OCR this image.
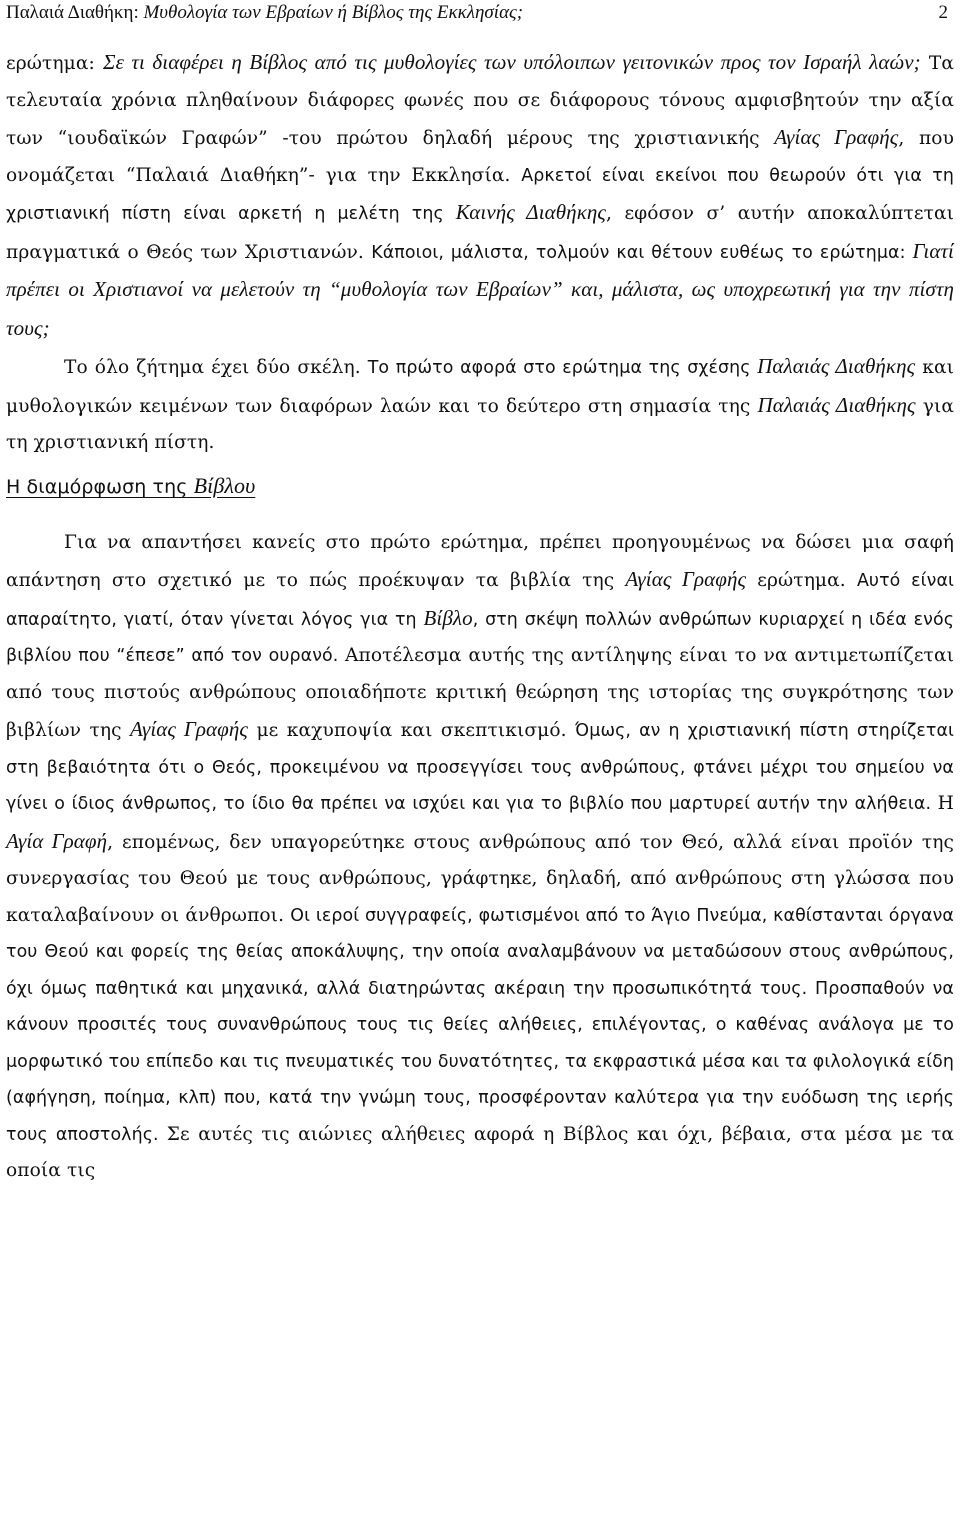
Παλαιά Διαθήκη: Μυθολογία των Εβραίων ή Βίβλος της Εκκλησίας;	2

ερώτημα: Σε τι διαφέρει η Βίβλος από τις μυθολογίες των υπόλοιπων γειτονικών προς τον Ισραήλ λαών; Τα τελευταία χρόνια πληθαίνουν διάφορες φωνές που σε διάφορους τόνους αμφισβητούν την αξία των “ιουδαϊκών Γραφών” -του πρώτου δηλαδή μέρους της χριστιανικής Αγίας Γραφής, που ονομάζεται “Παλαιά Διαθήκη”- για την Εκκλησία. Αρκετοί είναι εκείνοι που θεωρούν ότι για τη χριστιανική πίστη είναι αρκετή η μελέτη της Καινής Διαθήκης, εφόσον σ’ αυτήν αποκαλύπτεται πραγματικά ο Θεός των Χριστιανών. Κάποιοι, μάλιστα, τολμούν και θέτουν ευθέως το ερώτημα: Γιατί πρέπει οι Χριστιανοί να μελετούν τη “μυθολογία των Εβραίων” και, μάλιστα, ως υποχρεωτική για την πίστη τους;

Το όλο ζήτημα έχει δύο σκέλη. Το πρώτο αφορά στο ερώτημα της σχέσης Παλαιάς Διαθήκης και μυθολογικών κειμένων των διαφόρων λαών και το δεύτερο στη σημασία της Παλαιάς Διαθήκης για τη χριστιανική πίστη.

Η διαμόρφωση της Βίβλου

Για να απαντήσει κανείς στο πρώτο ερώτημα, πρέπει προηγουμένως να δώσει μια σαφή απάντηση στο σχετικό με το πώς προέκυψαν τα βιβλία της Αγίας Γραφής ερώτημα. Αυτό είναι απαραίτητο, γιατί, όταν γίνεται λόγος για τη Βίβλο, στη σκέψη πολλών ανθρώπων κυριαρχεί η ιδέα ενός βιβλίου που “έπεσε” από τον ουρανό. Αποτέλεσμα αυτής της αντίληψης είναι το να αντιμετωπίζεται από τους πιστούς ανθρώπους οποιαδήποτε κριτική θεώρηση της ιστορίας της συγκρότησης των βιβλίων της Αγίας Γραφής με καχυποψία και σκεπτικισμό. Όμως, αν η χριστιανική πίστη στηρίζεται στη βεβαιότητα ότι ο Θεός, προκειμένου να προσεγγίσει τους ανθρώπους, φτάνει μέχρι του σημείου να γίνει ο ίδιος άνθρωπος, το ίδιο θα πρέπει να ισχύει και για το βιβλίο που μαρτυρεί αυτήν την αλήθεια. Η Αγία Γραφή, επομένως, δεν υπαγορεύτηκε στους ανθρώπους από τον Θεό, αλλά είναι προϊόν της συνεργασίας του Θεού με τους ανθρώπους, γράφτηκε, δηλαδή, από ανθρώπους στη γλώσσα που καταλαβαίνουν οι άνθρωποι. Οι ιεροί συγγραφείς, φωτισμένοι από το Άγιο Πνεύμα, καθίστανται όργανα του Θεού και φορείς της θείας αποκάλυψης, την οποία αναλαμβάνουν να μεταδώσουν στους ανθρώπους, όχι όμως παθητικά και μηχανικά, αλλά διατηρώντας ακέραιη την προσωπικότητά τους. Προσπαθούν να κάνουν προσιτές τους συνανθρώπους τους τις θείες αλήθειες, επιλέγοντας, ο καθένας ανάλογα με το μορφωτικό του επίπεδο και τις πνευματικές του δυνατότητες, τα εκφραστικά μέσα και τα φιλολογικά είδη (αφήγηση, ποίημα, κλπ) που, κατά την γνώμη τους, προσφέρονταν καλύτερα για την ευόδωση της ιερής τους αποστολής. Σε αυτές τις αιώνιες αλήθειες αφορά η Βίβλος και όχι, βέβαια, στα μέσα με τα οποία τις
